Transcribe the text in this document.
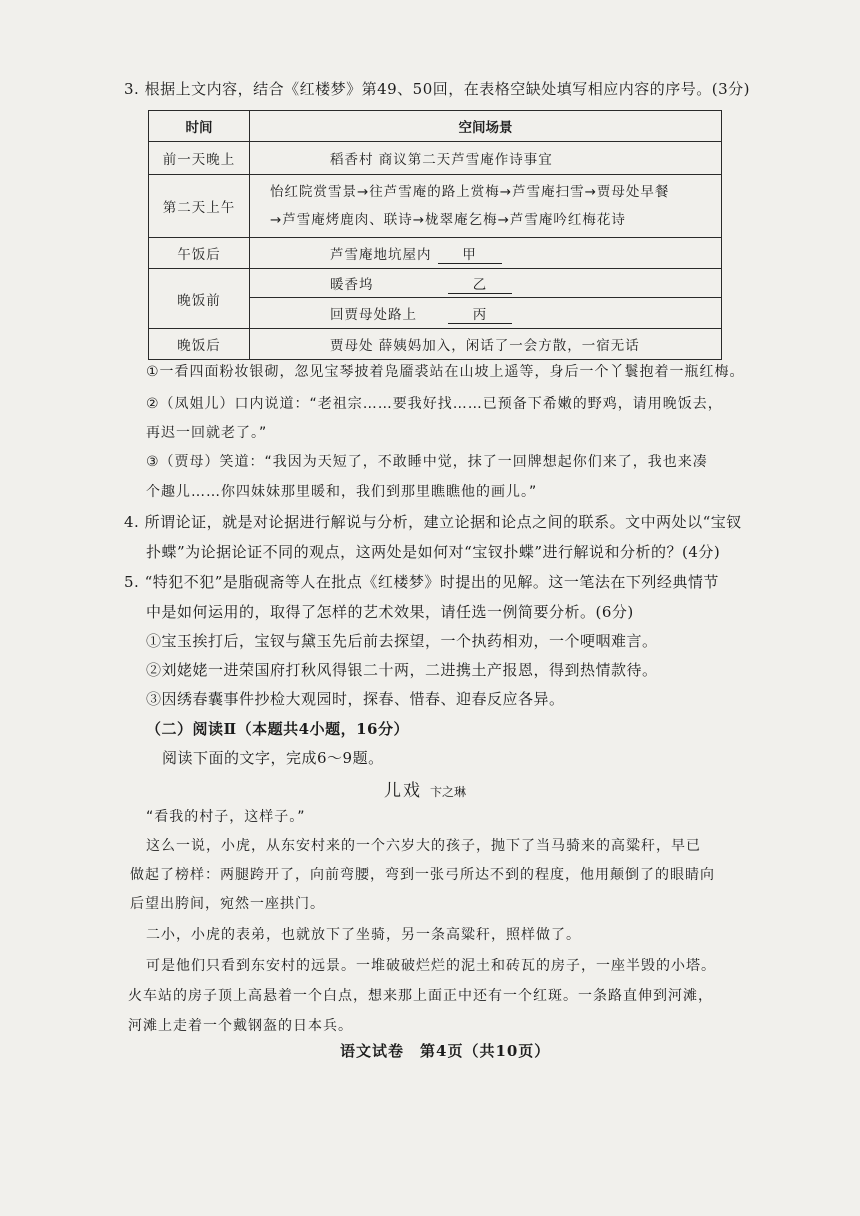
3. 根据上文内容，结合《红楼梦》第49、50回，在表格空缺处填写相应内容的序号。(3分)
时间	空间场景
前一天晚上	稻香村 商议第二天芦雪庵作诗事宜
第二天上午	怡红院赏雪景→往芦雪庵的路上赏梅→芦雪庵扫雪→贾母处早餐
→芦雪庵烤鹿肉、联诗→栊翠庵乞梅→芦雪庵吟红梅花诗

午饭后	芦雪庵地坑屋内 甲
晚饭前	暖香坞 乙
	回贾母处路上 丙
晚饭后	贾母处 薛姨妈加入，闲话了一会方散，一宿无话
①一看四面粉妆银砌，忽见宝琴披着凫靥裘站在山坡上遥等，身后一个丫鬟抱着一瓶红梅。
②（凤姐儿）口内说道：“老祖宗……要我好找……已预备下希嫩的野鸡，请用晚饭去，
再迟一回就老了。”
③（贾母）笑道：“我因为天短了，不敢睡中觉，抹了一回牌想起你们来了，我也来凑
个趣儿……你四妹妹那里暖和，我们到那里瞧瞧他的画儿。”
4. 所谓论证，就是对论据进行解说与分析，建立论据和论点之间的联系。文中两处以“宝钗
扑蝶”为论据论证不同的观点，这两处是如何对“宝钗扑蝶”进行解说和分析的？(4分)
5. “特犯不犯”是脂砚斋等人在批点《红楼梦》时提出的见解。这一笔法在下列经典情节
中是如何运用的，取得了怎样的艺术效果，请任选一例简要分析。(6分)
①宝玉挨打后，宝钗与黛玉先后前去探望，一个执药相劝，一个哽咽难言。
②刘姥姥一进荣国府打秋风得银二十两，二进携土产报恩，得到热情款待。
③因绣春囊事件抄检大观园时，探春、惜春、迎春反应各异。
（二）阅读Ⅱ（本题共4小题，16分）
阅读下面的文字，完成6～9题。
儿戏 卞之琳
“看我的村子，这样子。”
这么一说，小虎，从东安村来的一个六岁大的孩子，抛下了当马骑来的高粱秆，早已
做起了榜样：两腿跨开了，向前弯腰，弯到一张弓所达不到的程度，他用颠倒了的眼睛向
后望出胯间，宛然一座拱门。
二小，小虎的表弟，也就放下了坐骑，另一条高粱秆，照样做了。
可是他们只看到东安村的远景。一堆破破烂烂的泥土和砖瓦的房子，一座半毁的小塔。
火车站的房子顶上高悬着一个白点，想来那上面正中还有一个红斑。一条路直伸到河滩，
河滩上走着一个戴钢盔的日本兵。
语文试卷　第4页（共10页）
